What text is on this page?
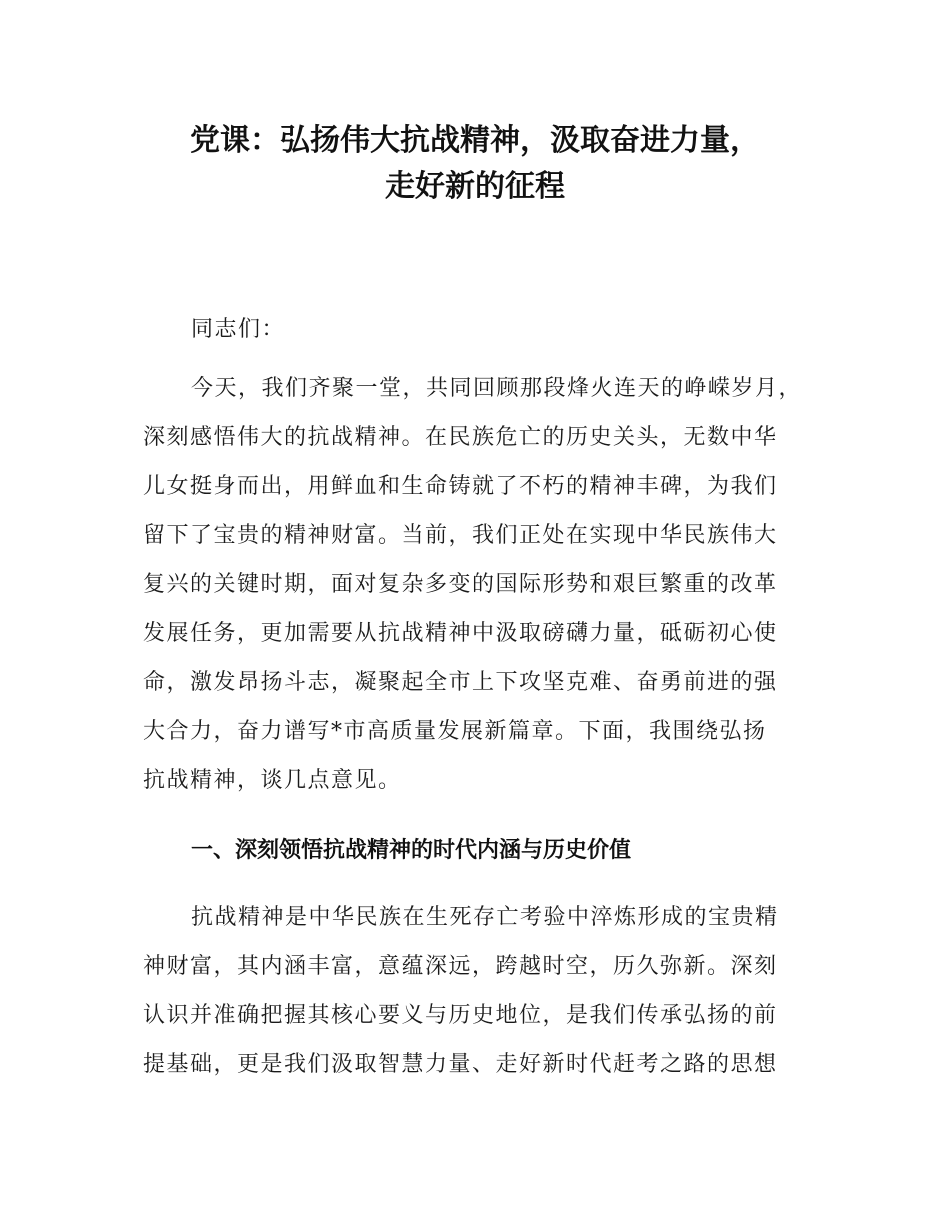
党课：弘扬伟大抗战精神，汲取奋进力量，
走好新的征程
同志们：
今天，我们齐聚一堂，共同回顾那段烽火连天的峥嵘岁月，
深刻感悟伟大的抗战精神。在民族危亡的历史关头，无数中华
儿女挺身而出，用鲜血和生命铸就了不朽的精神丰碑，为我们
留下了宝贵的精神财富。当前，我们正处在实现中华民族伟大
复兴的关键时期，面对复杂多变的国际形势和艰巨繁重的改革
发展任务，更加需要从抗战精神中汲取磅礴力量，砥砺初心使
命，激发昂扬斗志，凝聚起全市上下攻坚克难、奋勇前进的强
大合力，奋力谱写*市高质量发展新篇章。下面，我围绕弘扬
抗战精神，谈几点意见。
一、深刻领悟抗战精神的时代内涵与历史价值
抗战精神是中华民族在生死存亡考验中淬炼形成的宝贵精
神财富，其内涵丰富，意蕴深远，跨越时空，历久弥新。深刻
认识并准确把握其核心要义与历史地位，是我们传承弘扬的前
提基础，更是我们汲取智慧力量、走好新时代赶考之路的思想
